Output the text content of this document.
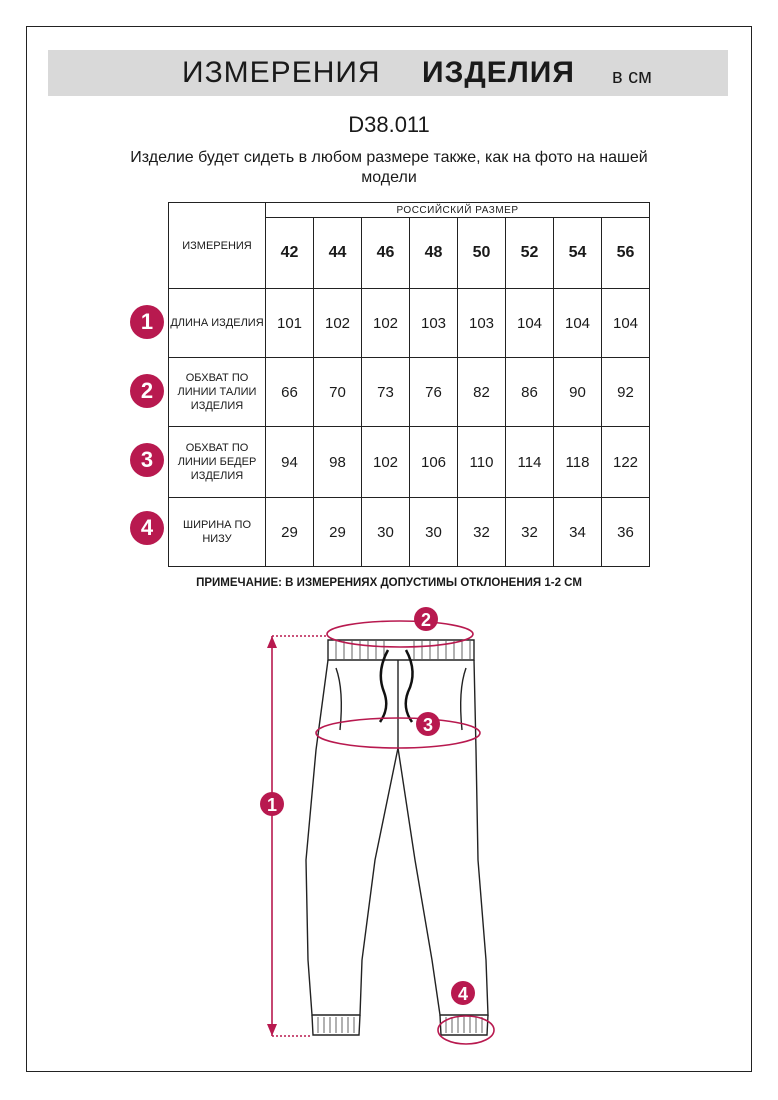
ИЗМЕРЕНИЯ ИЗДЕЛИЯ в см
D38.011
Изделие будет сидеть в любом размере также, как на фото на нашей модели
ИЗМЕРЕНИЯ	РОССИЙСКИЙ РАЗМЕР							
	42	44	46	48	50	52	54	56
ДЛИНА ИЗДЕЛИЯ	101	102	102	103	103	104	104	104
ОБХВАТ ПО ЛИНИИ ТАЛИИ ИЗДЕЛИЯ	66	70	73	76	82	86	90	92
ОБХВАТ ПО ЛИНИИ БЕДЕР ИЗДЕЛИЯ	94	98	102	106	110	114	118	122
ШИРИНА ПО НИЗУ	29	29	30	30	32	32	34	36
1
2
3
4
ПРИМЕЧАНИЕ: В ИЗМЕРЕНИЯХ ДОПУСТИМЫ ОТКЛОНЕНИЯ 1-2 СМ
1
2
3
4
